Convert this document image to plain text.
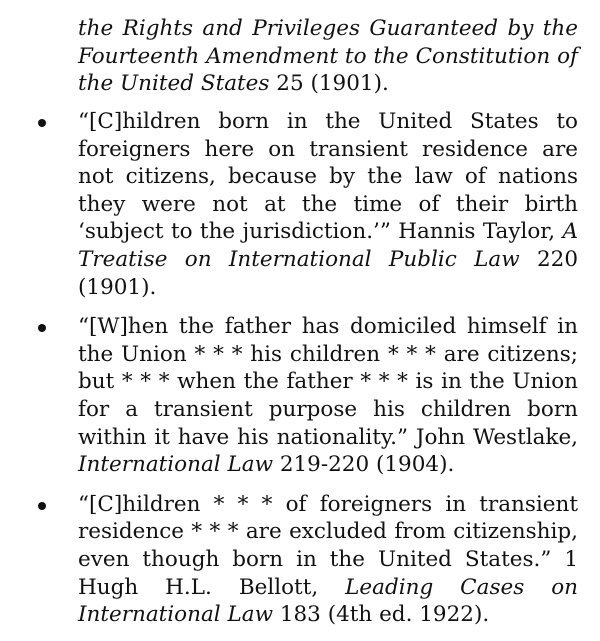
the Rights and Privileges Guaranteed by the Fourteenth Amendment to the Constitution of the United States 25 (1901).
“[C]hildren born in the United States to foreigners here on transient residence are not citizens, because by the law of nations they were not at the time of their birth ‘subject to the jurisdiction.’” Hannis Taylor, A Treatise on International Public Law 220 (1901).
“[W]hen the father has domiciled himself in the Union * * * his children * * * are citizens; but * * * when the father * * * is in the Union for a transient purpose his children born within it have his nationality.” John Westlake, International Law 219-220 (1904).
“[C]hildren * * * of foreigners in transient residence * * * are excluded from citizenship, even though born in the United States.” 1 Hugh H.L. Bellott, Leading Cases on International Law 183 (4th ed. 1922).
